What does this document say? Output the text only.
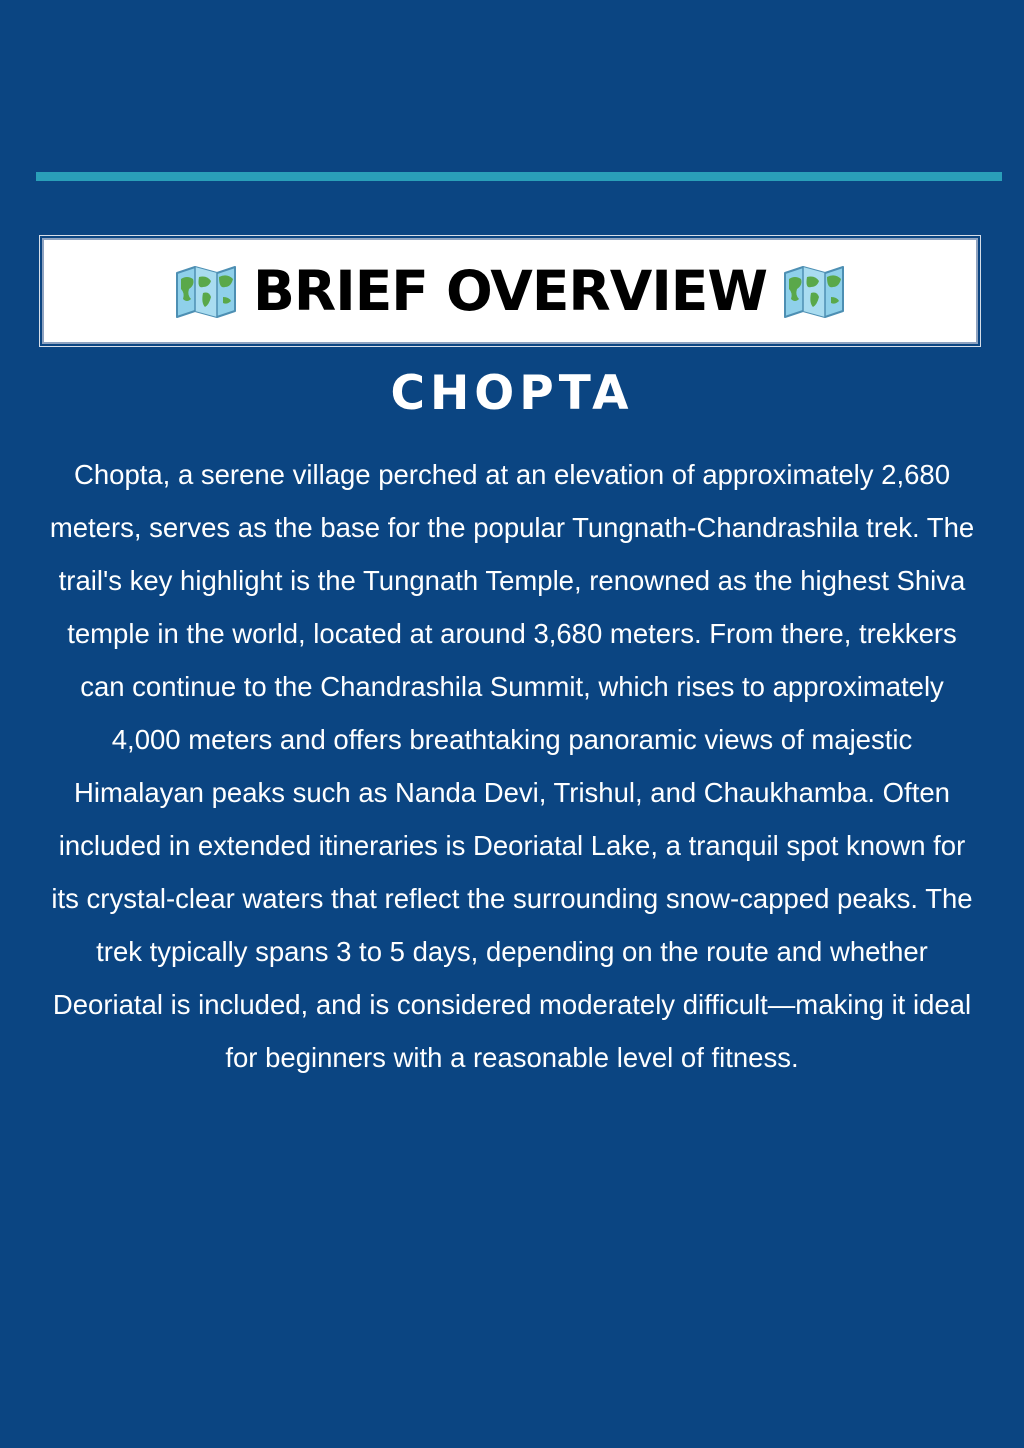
BRIEF OVERVIEW
CHOPTA

Chopta, a serene village perched at an elevation of approximately 2,680 meters, serves as the base for the popular Tungnath-Chandrashila trek. The trail's key highlight is the Tungnath Temple, renowned as the highest Shiva temple in the world, located at around 3,680 meters. From there, trekkers can continue to the Chandrashila Summit, which rises to approximately 4,000 meters and offers breathtaking panoramic views of majestic Himalayan peaks such as Nanda Devi, Trishul, and Chaukhamba. Often included in extended itineraries is Deoriatal Lake, a tranquil spot known for its crystal-clear waters that reflect the surrounding snow-capped peaks. The trek typically spans 3 to 5 days, depending on the route and whether Deoriatal is included, and is considered moderately difficult—making it ideal for beginners with a reasonable level of fitness.
